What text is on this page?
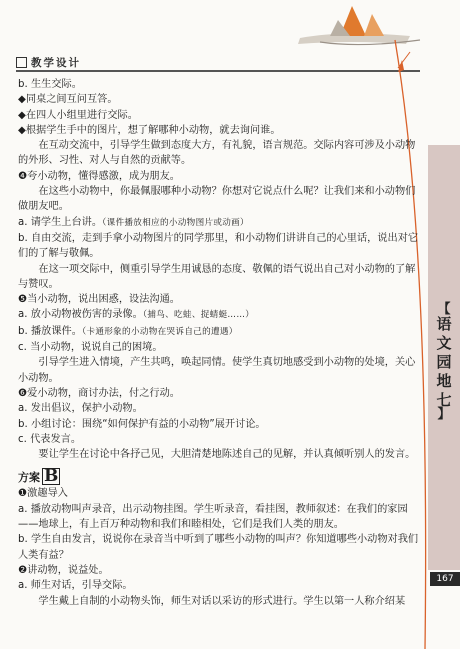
教学设计
【
语
文
园
地
七
】
167

b. 生生交际。

◆同桌之间互问互答。

◆在四人小组里进行交际。

◆根据学生手中的图片，想了解哪种小动物，就去询问谁。

在互动交流中，引导学生做到态度大方，有礼貌，语言规范。交际内容可涉及小动物的外形、习性、对人与自然的贡献等。

❹夸小动物，懂得感激，成为朋友。

在这些小动物中，你最佩服哪种小动物？你想对它说点什么呢？让我们来和小动物们做朋友吧。

a. 请学生上台讲。（课件播放相应的小动物图片或动画）

b. 自由交流，走到手拿小动物图片的同学那里，和小动物们讲讲自己的心里话，说出对它们的了解与敬佩。

在这一项交际中，侧重引导学生用诚恳的态度、敬佩的语气说出自己对小动物的了解与赞叹。

❺当小动物，说出困惑，设法沟通。

a. 放小动物被伤害的录像。（捕鸟、吃蛙、捉蜻蜓……）

b. 播放课件。（卡通形象的小动物在哭诉自己的遭遇）

c. 当小动物，说说自己的困境。

引导学生进入情境，产生共鸣，唤起同情。使学生真切地感受到小动物的处境，关心小动物。

❻爱小动物，商讨办法，付之行动。

a. 发出倡议，保护小动物。

b. 小组讨论：围绕“如何保护有益的小动物”展开讨论。

c. 代表发言。

要让学生在讨论中各抒己见，大胆清楚地陈述自己的见解，并认真倾听别人的发言。

方案 B

❶激趣导入

a. 播放动物叫声录音，出示动物挂图。学生听录音，看挂图，教师叙述：在我们的家园——地球上，有上百万种动物和我们和睦相处，它们是我们人类的朋友。

b. 学生自由发言，说说你在录音当中听到了哪些小动物的叫声？你知道哪些小动物对我们人类有益？

❷讲动物，说益处。

a. 师生对话，引导交际。

学生戴上自制的小动物头饰，师生对话以采访的形式进行。学生以第一人称介绍某
